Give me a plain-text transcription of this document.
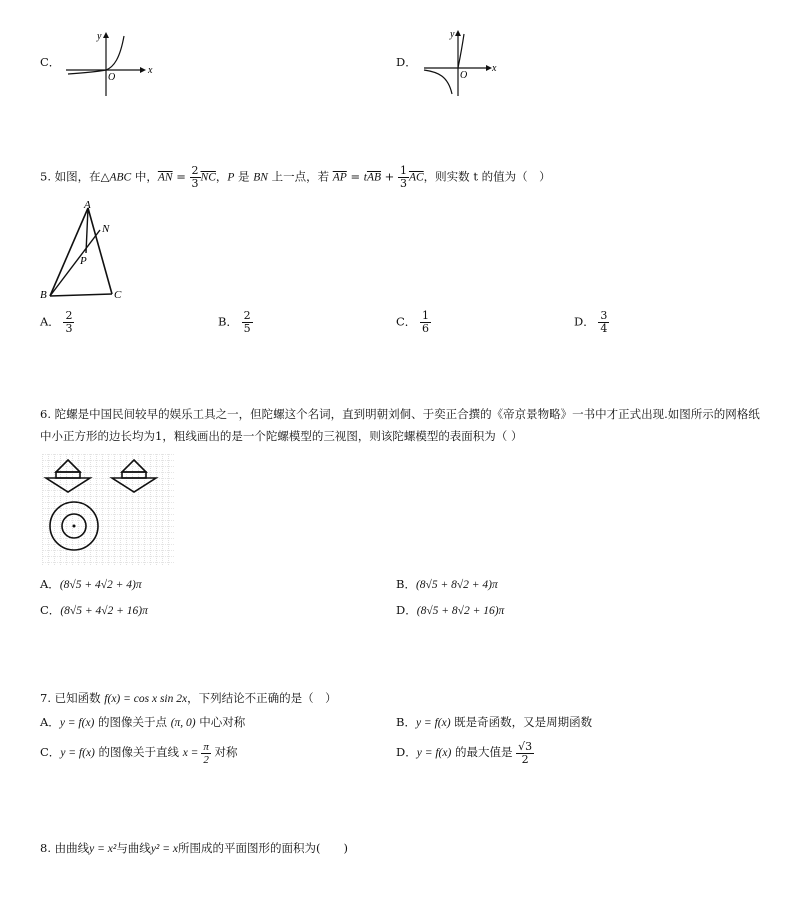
C．
x
y
O
D．	x
y
O
5. 如图，在△ABC 中，$\overline{AN} = \frac{2}{3} \overline{NC}$，P 是 BN 上一点，若 $\overline{AP} = t\overline{AB} + \frac{1}{3} \overline{AC}$，则实数 t 的值为（　）
A
N
P
B	C
A． $\frac{2}{3}$	B． $\frac{2}{5}$	C． $\frac{1}{6}$	D． $\frac{3}{4}$
6. 陀螺是中国民间较早的娱乐工具之一，但陀螺这个名词，直到明朝刘侗、于奕正合撰的《帝京景物略》一书中才正式出现.如图所示的网格纸
中小正方形的边长均为1，粗线画出的是一个陀螺模型的三视图，则该陀螺模型的表面积为（ ）
A．(8√5 + 4√2 + 4)π	B．(8√5 + 8√2 + 4)π
C．(8√5 + 4√2 + 16)π	D．(8√5 + 8√2 + 16)π
7. 已知函数 f(x) = cos x sin 2x，下列结论不正确的是（　）
A．y = f(x) 的图像关于点 (π, 0) 中心对称	B．y = f(x) 既是奇函数，又是周期函数
C．y = f(x) 的图像关于直线 $x = \frac{\pi}{2}$ 对称	D．y = f(x) 的最大值是 $\frac{√3}{2}$
8. 由曲线y = x²与曲线y² = x所围成的平面图形的面积为(　　)
